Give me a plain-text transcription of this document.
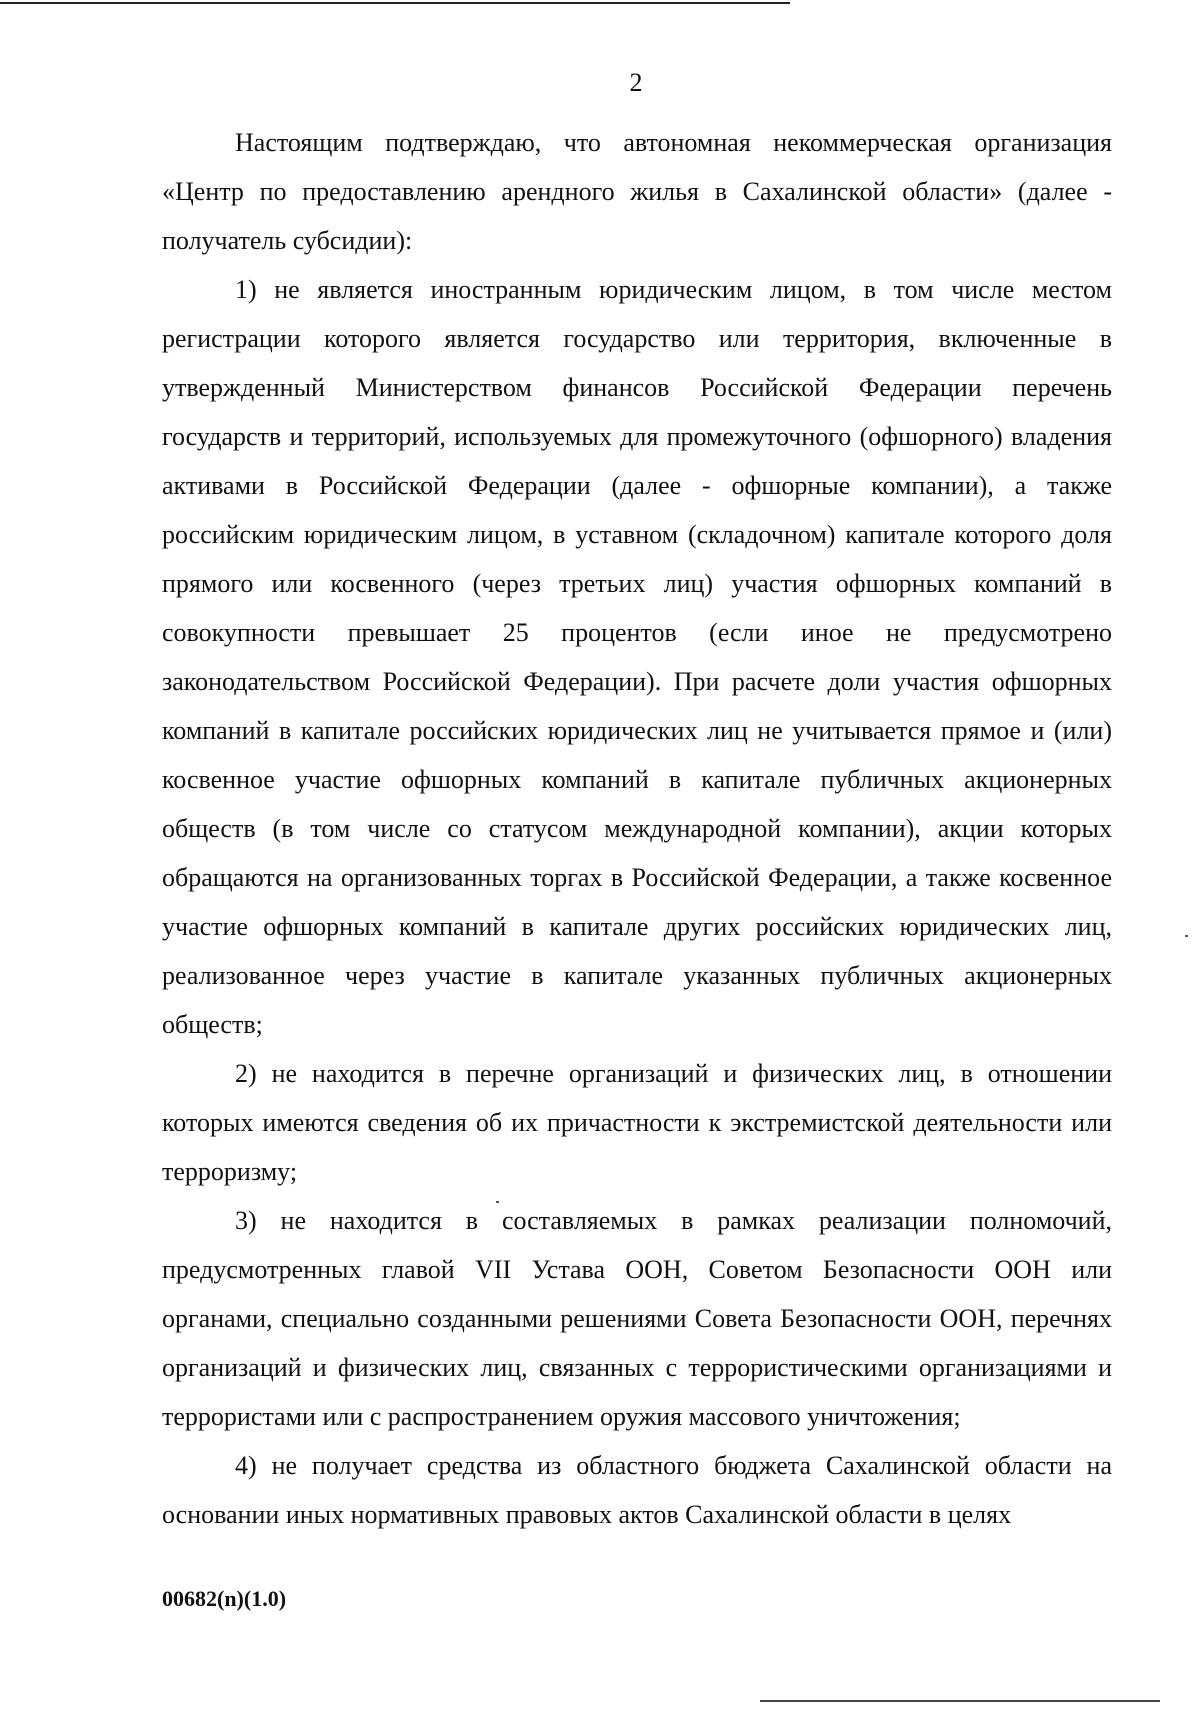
2

Настоящим подтверждаю, что автономная некоммерческая организация «Центр по предоставлению арендного жилья в Сахалинской области» (далее - получатель субсидии):

1) не является иностранным юридическим лицом, в том числе местом регистрации которого является государство или территория, включенные в утвержденный Министерством финансов Российской Федерации перечень государств и территорий, используемых для промежуточного (офшорного) владения активами в Российской Федерации (далее - офшорные компании), а также российским юридическим лицом, в уставном (складочном) капитале которого доля прямого или косвенного (через третьих лиц) участия офшорных компаний в совокупности превышает 25 процентов (если иное не предусмотрено законодательством Российской Федерации). При расчете доли участия офшорных компаний в капитале российских юридических лиц не учитывается прямое и (или) косвенное участие офшорных компаний в капитале публичных акционерных обществ (в том числе со статусом международной компании), акции которых обращаются на организованных торгах в Российской Федерации, а также косвенное участие офшорных компаний в капитале других российских юридических лиц, реализованное через участие в капитале указанных публичных акционерных обществ;

2) не находится в перечне организаций и физических лиц, в отношении которых имеются сведения об их причастности к экстремистской деятельности или терроризму;

3) не находится в составляемых в рамках реализации полномочий, предусмотренных главой VII Устава ООН, Советом Безопасности ООН или органами, специально созданными решениями Совета Безопасности ООН, перечнях организаций и физических лиц, связанных с террористическими организациями и террористами или с распространением оружия массового уничтожения;

4) не получает средства из областного бюджета Сахалинской области на основании иных нормативных правовых актов Сахалинской области в целях

00682(n)(1.0)
